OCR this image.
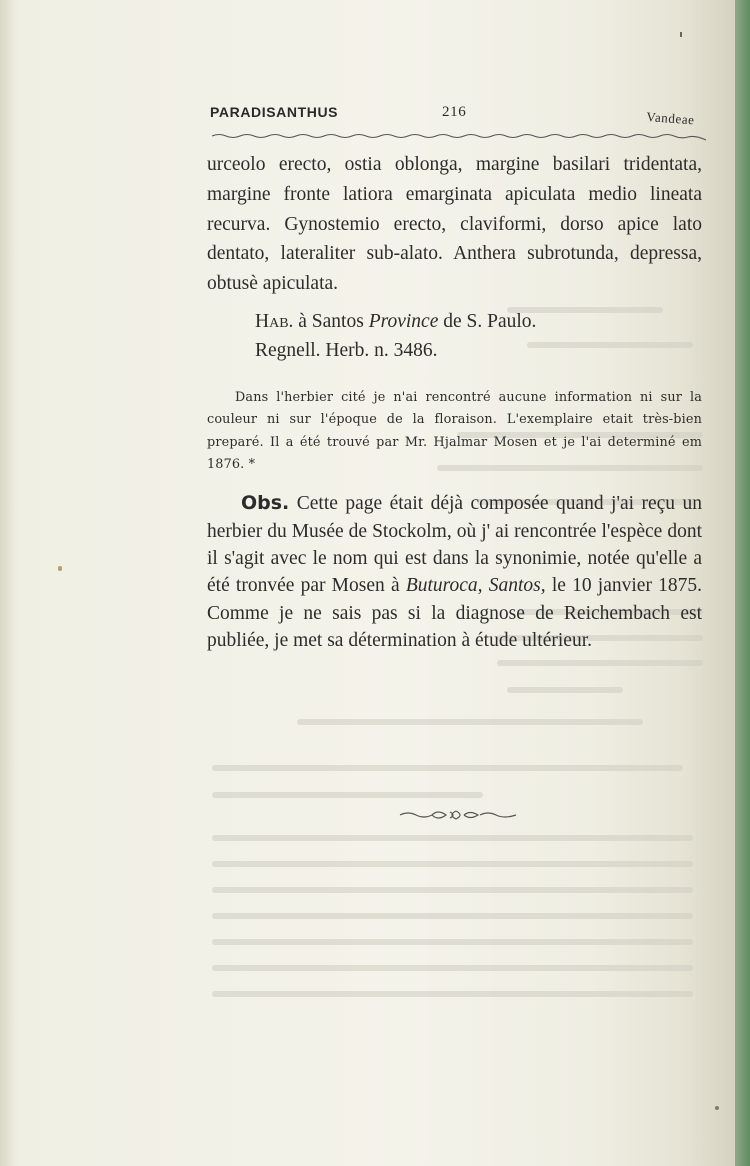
PARADISANTHUS	216	Vandeae

urceolo erecto, ostia oblonga, margine basilari tridentata, margine fronte latiora emarginata apiculata medio lineata recurva. Gynostemio erecto, claviformi, dorso apice lato dentato, lateraliter sub-alato. Anthera subrotunda, depressa, obtusè apiculata.

Hab. à Santos Province de S. Paulo.
Regnell. Herb. n. 3486.

Dans l'herbier cité je n'ai rencontré aucune information ni sur la couleur ni sur l'époque de la floraison. L'exemplaire etait très-bien preparé. Il a été trouvé par Mr. Hjalmar Mosen et je l'ai determiné em 1876. *

Obs. Cette page était déjà composée quand j'ai reçu un herbier du Musée de Stockolm, où j' ai rencontrée l'espèce dont il s'agit avec le nom qui est dans la synonimie, notée qu'elle a été tronvée par Mosen à Buturoca, Santos, le 10 janvier 1875. Comme je ne sais pas si la diagnose de Reichembach est publiée, je met sa détermination à étude ultérieur.
